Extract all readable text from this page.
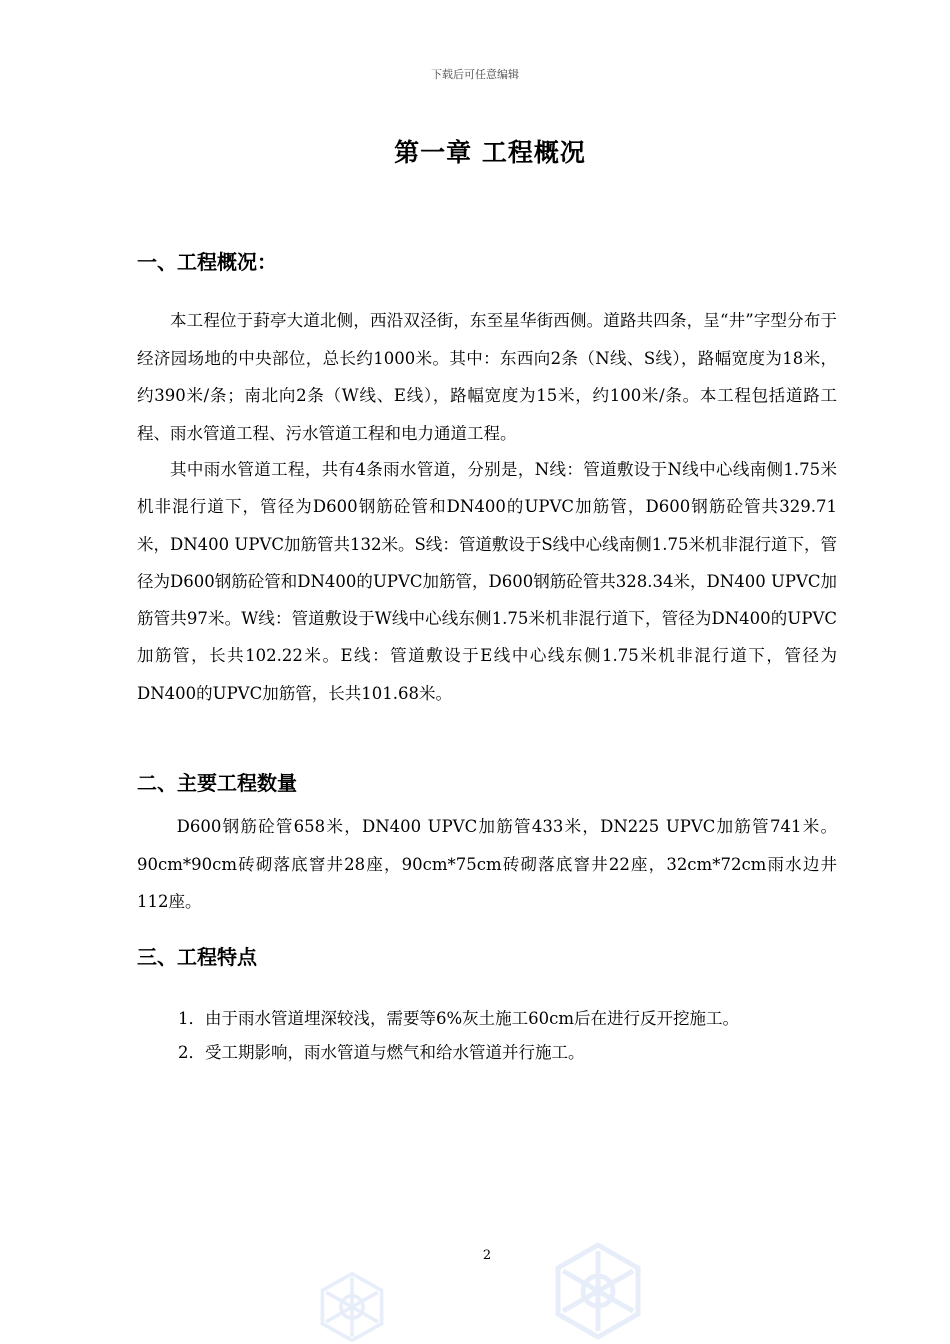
下载后可任意编辑
第一章 工程概况
一、工程概况：

本工程位于葑亭大道北侧，西沿双泾街，东至星华街西侧。道路共四条，呈“井”字型分布于经济园场地的中央部位，总长约1000米。其中：东西向2条（N线、S线），路幅宽度为18米，约390米/条；南北向2条（W线、E线），路幅宽度为15米，约100米/条。本工程包括道路工程、雨水管道工程、污水管道工程和电力通道工程。

其中雨水管道工程，共有4条雨水管道，分别是，N线：管道敷设于N线中心线南侧1.75米机非混行道下，管径为D600钢筋砼管和DN400的UPVC加筋管，D600钢筋砼管共329.71米，DN400 UPVC加筋管共132米。S线：管道敷设于S线中心线南侧1.75米机非混行道下，管径为D600钢筋砼管和DN400的UPVC加筋管，D600钢筋砼管共328.34米，DN400 UPVC加筋管共97米。W线：管道敷设于W线中心线东侧1.75米机非混行道下，管径为DN400的UPVC加筋管，长共102.22米。E线：管道敷设于E线中心线东侧1.75米机非混行道下，管径为DN400的UPVC加筋管，长共101.68米。

二、主要工程数量

D600钢筋砼管658米，DN400 UPVC加筋管433米，DN225 UPVC加筋管741米。90cm*90cm砖砌落底窨井28座，90cm*75cm砖砌落底窨井22座，32cm*72cm雨水边井112座。

三、工程特点

1．由于雨水管道埋深较浅，需要等6%灰土施工60cm后在进行反开挖施工。

2．受工期影响，雨水管道与燃气和给水管道并行施工。

2
